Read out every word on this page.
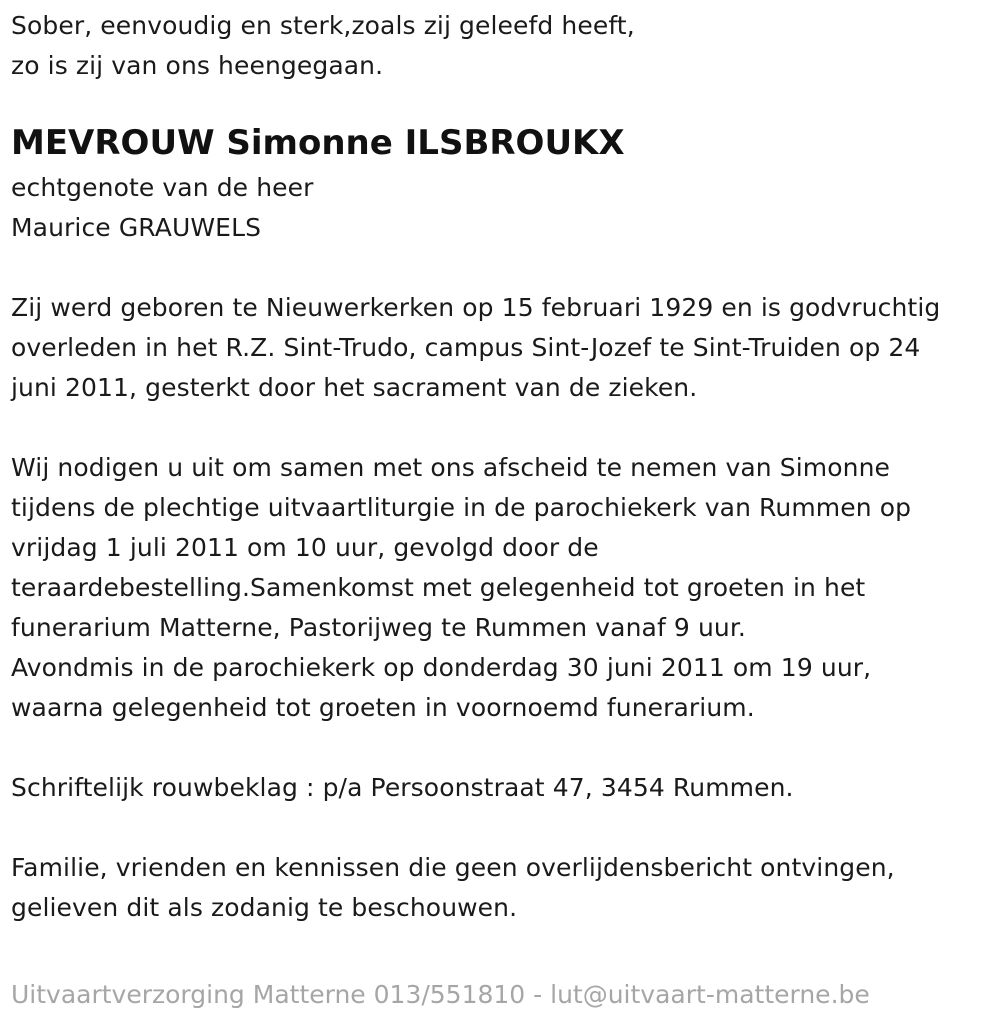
Sober, eenvoudig en sterk,zoals zij geleefd heeft,
zo is zij van ons heengegaan.
MEVROUW Simonne ILSBROUKX
echtgenote van de heer
Maurice GRAUWELS
Zij werd geboren te Nieuwerkerken op 15 februari 1929 en is godvruchtig
overleden in het R.Z. Sint-Trudo, campus Sint-Jozef te Sint-Truiden op 24
juni 2011, gesterkt door het sacrament van de zieken.
Wij nodigen u uit om samen met ons afscheid te nemen van Simonne
tijdens de plechtige uitvaartliturgie in de parochiekerk van Rummen op
vrijdag 1 juli 2011 om 10 uur, gevolgd door de
teraardebestelling.Samenkomst met gelegenheid tot groeten in het
funerarium Matterne, Pastorijweg te Rummen vanaf 9 uur.
Avondmis in de parochiekerk op donderdag 30 juni 2011 om 19 uur,
waarna gelegenheid tot groeten in voornoemd funerarium.
Schriftelijk rouwbeklag : p/a Persoonstraat 47, 3454 Rummen.
Familie, vrienden en kennissen die geen overlijdensbericht ontvingen,
gelieven dit als zodanig te beschouwen.
Uitvaartverzorging Matterne 013/551810 - lut@uitvaart-matterne.be
